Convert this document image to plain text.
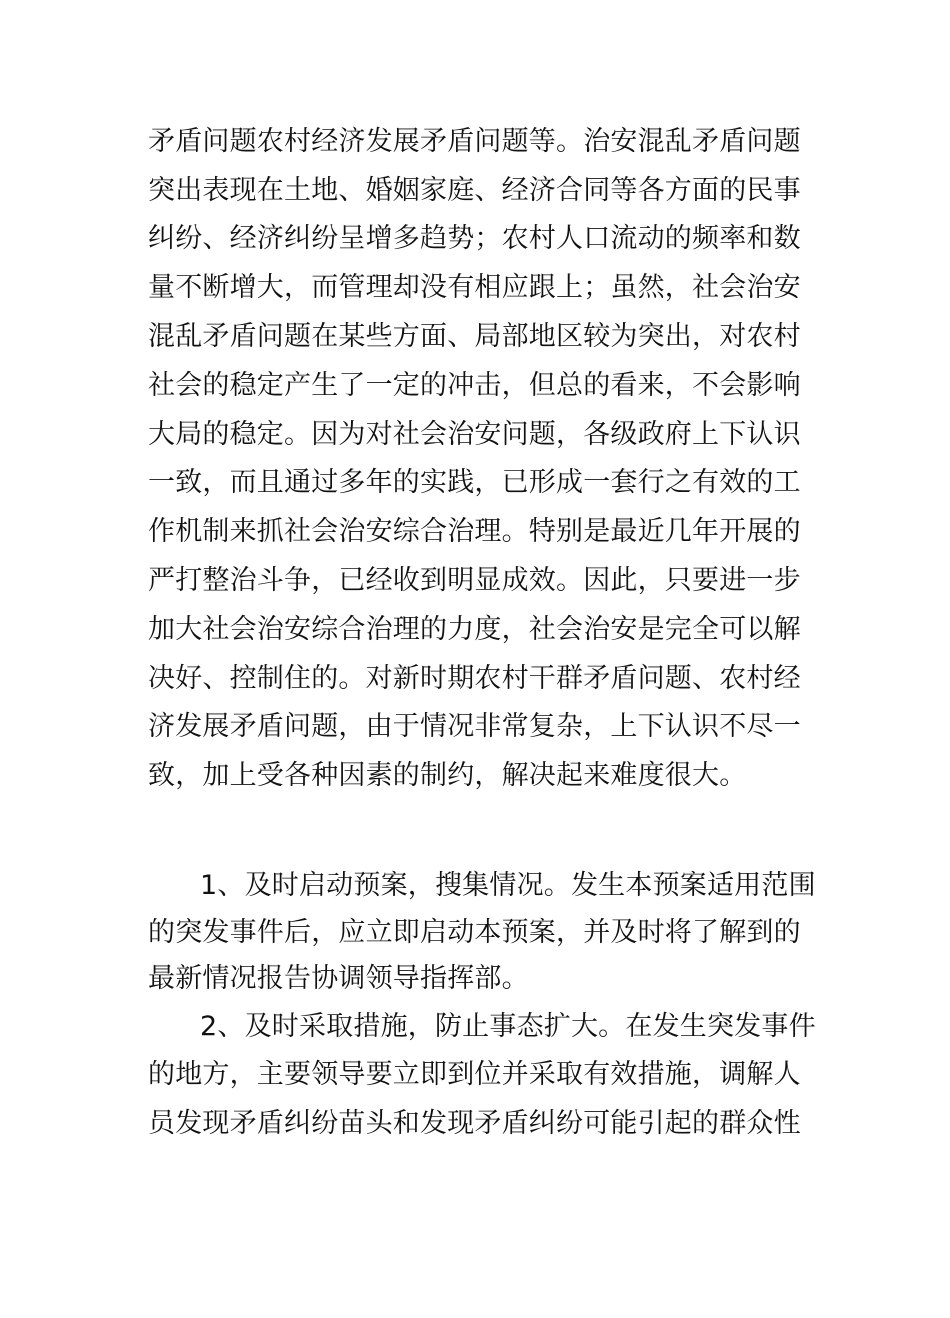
矛盾问题农村经济发展矛盾问题等。治安混乱矛盾问题

突出表现在土地、婚姻家庭、经济合同等各方面的民事

纠纷、经济纠纷呈增多趋势；农村人口流动的频率和数

量不断增大，而管理却没有相应跟上；虽然，社会治安

混乱矛盾问题在某些方面、局部地区较为突出，对农村

社会的稳定产生了一定的冲击，但总的看来，不会影响

大局的稳定。因为对社会治安问题，各级政府上下认识

一致，而且通过多年的实践，已形成一套行之有效的工

作机制来抓社会治安综合治理。特别是最近几年开展的

严打整治斗争，已经收到明显成效。因此，只要进一步

加大社会治安综合治理的力度，社会治安是完全可以解

决好、控制住的。对新时期农村干群矛盾问题、农村经

济发展矛盾问题，由于情况非常复杂，上下认识不尽一

致，加上受各种因素的制约，解决起来难度很大。

1、及时启动预案，搜集情况。发生本预案适用范围

的突发事件后，应立即启动本预案，并及时将了解到的

最新情况报告协调领导指挥部。

2、及时采取措施，防止事态扩大。在发生突发事件

的地方，主要领导要立即到位并采取有效措施，调解人

员发现矛盾纠纷苗头和发现矛盾纠纷可能引起的群众性
